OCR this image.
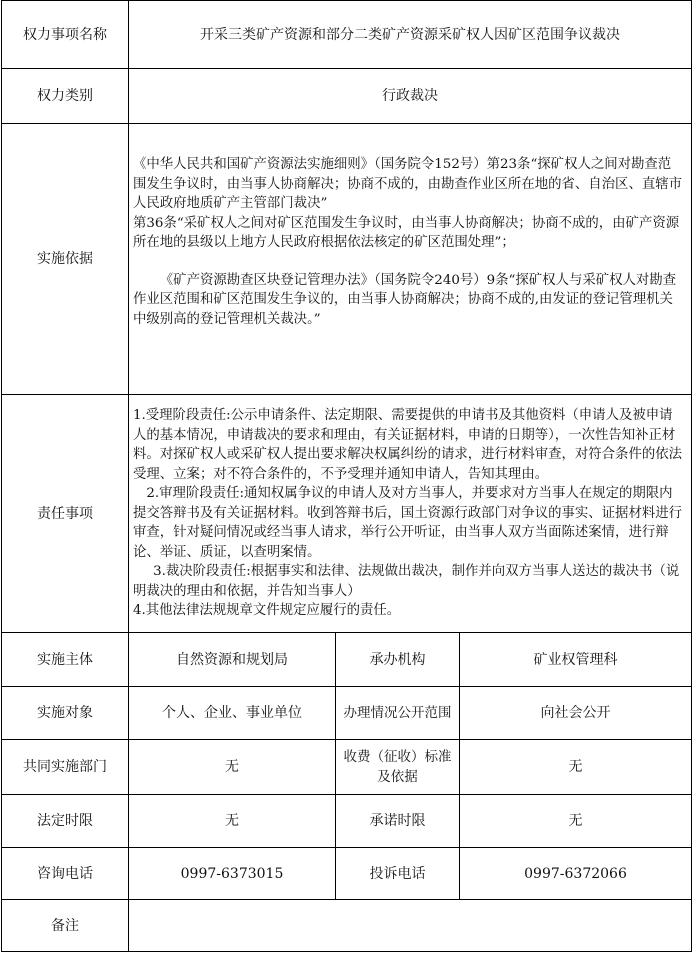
权力事项名称	开采三类矿产资源和部分二类矿产资源采矿权人因矿区范围争议裁决		
权力类别	行政裁决		
实施依据	《中华人民共和国矿产资源法实施细则》（国务院令152号）第23条“探矿权人之间对勘查范围发生争议时，由当事人协商解决；协商不成的，由勘查作业区所在地的省、自治区、直辖市人民政府地质矿产主管部门裁决”

第36条“采矿权人之间对矿区范围发生争议时，由当事人协商解决；协商不成的，由矿产资源所在地的县级以上地方人民政府根据依法核定的矿区范围处理”；

《矿产资源勘查区块登记管理办法》（国务院令240号）9条“探矿权人与采矿权人对勘查作业区范围和矿区范围发生争议的，由当事人协商解决；协商不成的,由发证的登记管理机关中级别高的登记管理机关裁决。”		

责任事项	1.受理阶段责任:公示申请条件、法定期限、需要提供的申请书及其他资料（申请人及被申请人的基本情况，申请裁决的要求和理由，有关证据材料，申请的日期等），一次性告知补正材料。对探矿权人或采矿权人提出要求解决权属纠纷的请求，进行材料审查，对符合条件的依法受理、立案；对不符合条件的，不予受理并通知申请人，告知其理由。

2.审理阶段责任:通知权属争议的申请人及对方当事人，并要求对方当事人在规定的期限内提交答辩书及有关证据材料。收到答辩书后，国土资源行政部门对争议的事实、证据材料进行审查，针对疑问情况或经当事人请求，举行公开听证，由当事人双方当面陈述案情，进行辩论、举证、质证，以查明案情。

3.裁决阶段责任:根据事实和法律、法规做出裁决，制作并向双方当事人送达的裁决书（说明裁决的理由和依据，并告知当事人）

4.其他法律法规规章文件规定应履行的责任。		

实施主体	自然资源和规划局	承办机构	矿业权管理科
实施对象	个人、企业、事业单位	办理情况公开范围	向社会公开
共同实施部门	无	收费（征收）标准及依据	无
法定时限	无	承诺时限	无
咨询电话	0997-6373015	投诉电话	0997-6372066
备注			
